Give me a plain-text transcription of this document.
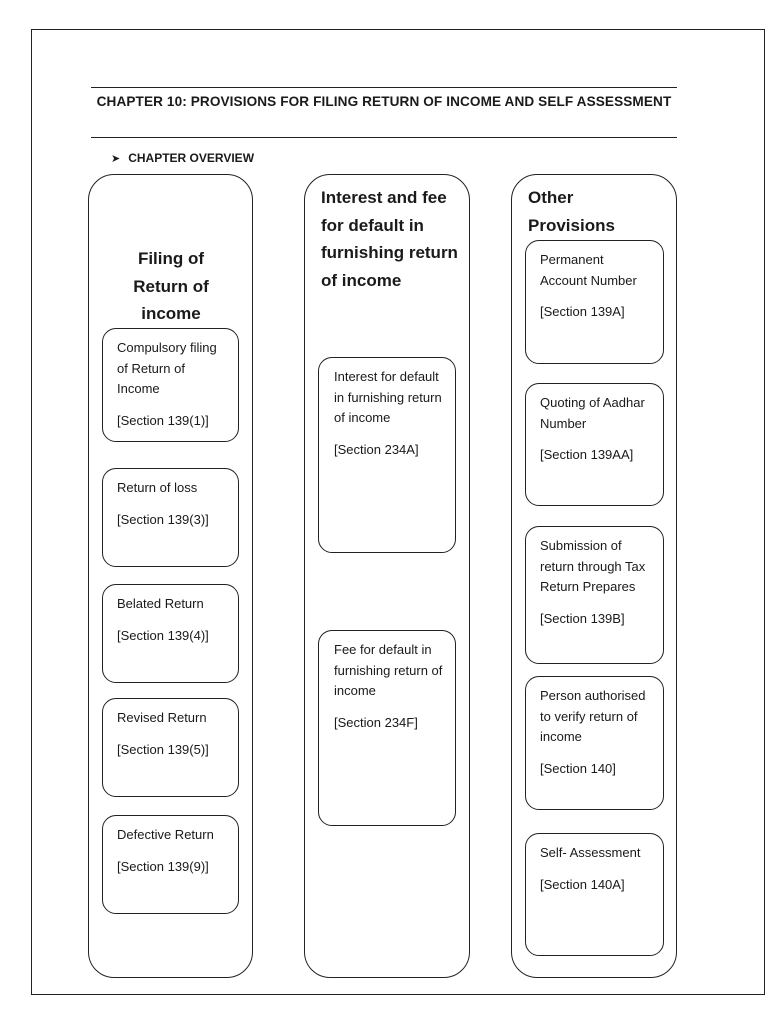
CHAPTER 10: PROVISIONS FOR FILING RETURN OF INCOME AND SELF ASSESSMENT
➤ CHAPTER OVERVIEW
Filing of Return of income
Compulsory filing of Return of Income
[Section 139(1)]
Return of loss
[Section 139(3)]
Belated Return
[Section 139(4)]
Revised Return
[Section 139(5)]
Defective Return
[Section 139(9)]
Interest and fee for default in furnishing return of income
Interest for default in furnishing return of income
[Section 234A]
Fee for default in furnishing return of income
[Section 234F]
Other Provisions
Permanent Account Number
[Section 139A]
Quoting of Aadhar Number
[Section 139AA]
Submission of return through Tax Return Prepares
[Section 139B]
Person authorised to verify return of income
[Section 140]
Self- Assessment
[Section 140A]
